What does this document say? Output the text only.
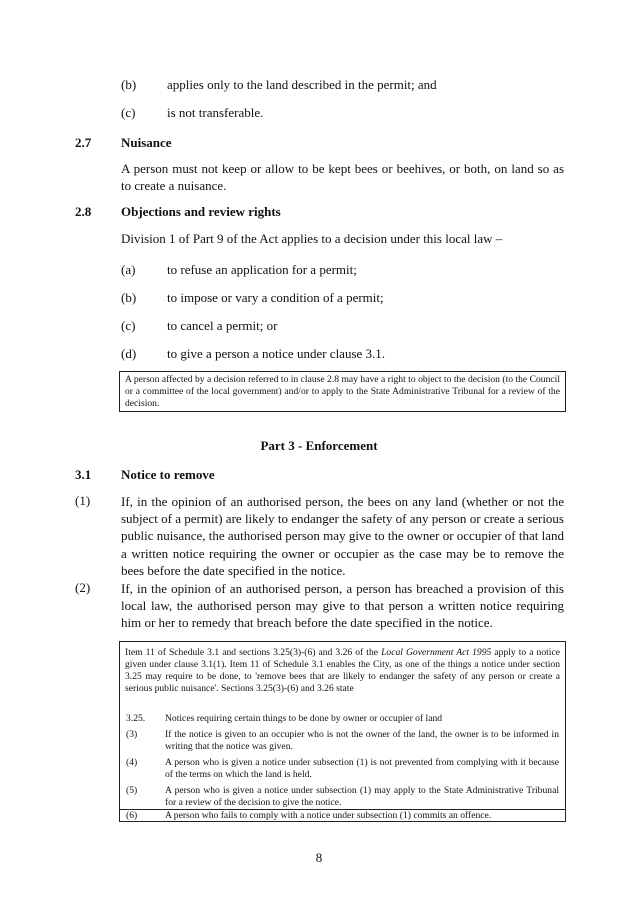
(b) applies only to the land described in the permit; and
(c) is not transferable.
2.7 Nuisance
A person must not keep or allow to be kept bees or beehives, or both, on land so as to create a nuisance.
2.8 Objections and review rights
Division 1 of Part 9 of the Act applies to a decision under this local law –
(a) to refuse an application for a permit;
(b) to impose or vary a condition of a permit;
(c) to cancel a permit; or
(d) to give a person a notice under clause 3.1.
A person affected by a decision referred to in clause 2.8 may have a right to object to the decision (to the Council or a committee of the local government) and/or to apply to the State Administrative Tribunal for a review of the decision.
Part 3 - Enforcement
3.1 Notice to remove
(1) If, in the opinion of an authorised person, the bees on any land (whether or not the subject of a permit) are likely to endanger the safety of any person or create a serious public nuisance, the authorised person may give to the owner or occupier of that land a written notice requiring the owner or occupier as the case may be to remove the bees before the date specified in the notice.
(2) If, in the opinion of an authorised person, a person has breached a provision of this local law, the authorised person may give to that person a written notice requiring him or her to remedy that breach before the date specified in the notice.
Item 11 of Schedule 3.1 and sections 3.25(3)-(6) and 3.26 of the Local Government Act 1995 apply to a notice given under clause 3.1(1). Item 11 of Schedule 3.1 enables the City, as one of the things a notice under section 3.25 may require to be done, to 'remove bees that are likely to endanger the safety of any person or create a serious public nuisance'. Sections 3.25(3)-(6) and 3.26 state
3.25. Notices requiring certain things to be done by owner or occupier of land
(3)	If the notice is given to an occupier who is not the owner of the land, the owner is to be informed in writing that the notice was given.
(4)	A person who is given a notice under subsection (1) is not prevented from complying with it because of the terms on which the land is held.
(5)	A person who is given a notice under subsection (1) may apply to the State Administrative Tribunal for a review of the decision to give the notice.
(6)	A person who fails to comply with a notice under subsection (1) commits an offence.
8
